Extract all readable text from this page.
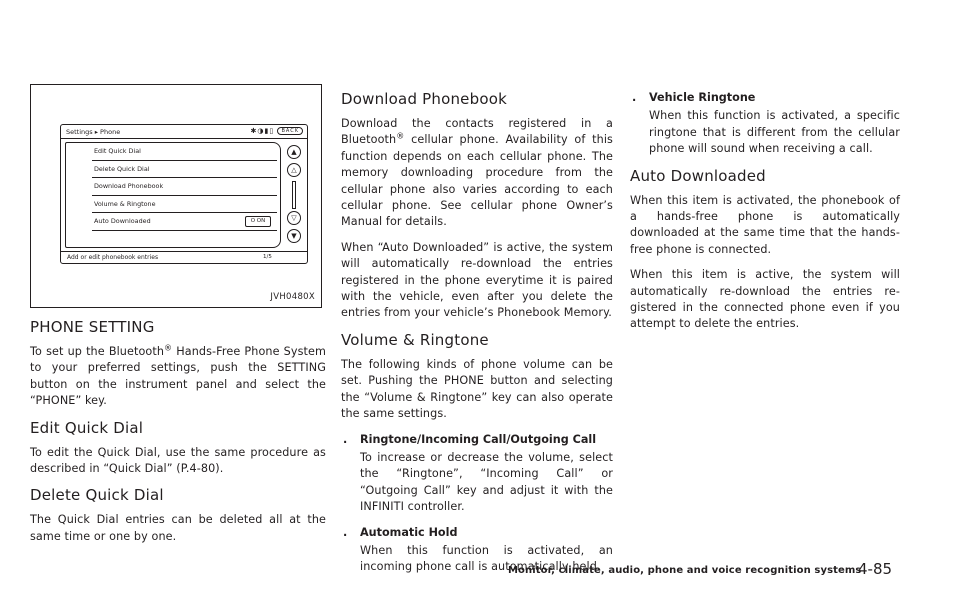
Settings ▸ Phone	✱◑▮▯ BACK
Edit Quick Dial
Delete Quick Dial
Download Phonebook
Volume & Ringtone
Auto Downloaded	O ON
1/5
▲
△
▽
▼
Add or edit phonebook entries
JVH0480X
PHONE SETTING

To set up the Bluetooth® Hands-Free Phone System to your preferred settings, push the SETTING button on the instrument panel and select the “PHONE” key.

Edit Quick Dial

To edit the Quick Dial, use the same procedure as described in “Quick Dial” (P.4-80).

Delete Quick Dial

The Quick Dial entries can be deleted all at the same time or one by one.

Download Phonebook

Download the contacts registered in a Bluetooth® cellular phone. Availability of this function depends on each cellular phone. The memory downloading procedure from the cellular phone also varies according to each cellular phone. See cellular phone Owner’s Manual for details.

When “Auto Downloaded” is active, the system will automatically re-download the entries registered in the phone everytime it is paired with the vehicle, even after you delete the entries from your vehicle’s Phonebook Memory.

Volume & Ringtone

The following kinds of phone volume can be set. Pushing the PHONE button and selecting the “Volume & Ringtone” key can also operate the same settings.

. Ringtone/Incoming Call/Outgoing Call

To increase or decrease the volume, select the “Ringtone”, “Incoming Call” or “Outgoing Call” key and adjust it with the INFINITI controller.

. Automatic Hold

When this function is activated, an incoming phone call is automatically held.

. Vehicle Ringtone

When this function is activated, a specific ringtone that is different from the cellular phone will sound when receiving a call.

Auto Downloaded

When this item is activated, the phonebook of a hands-free phone is automatically downloaded at the same time that the hands-free phone is connected.

When this item is active, the system will automatically re-download the entries re-gistered in the connected phone even if you attempt to delete the entries.

Monitor, climate, audio, phone and voice recognition systems
4-85
